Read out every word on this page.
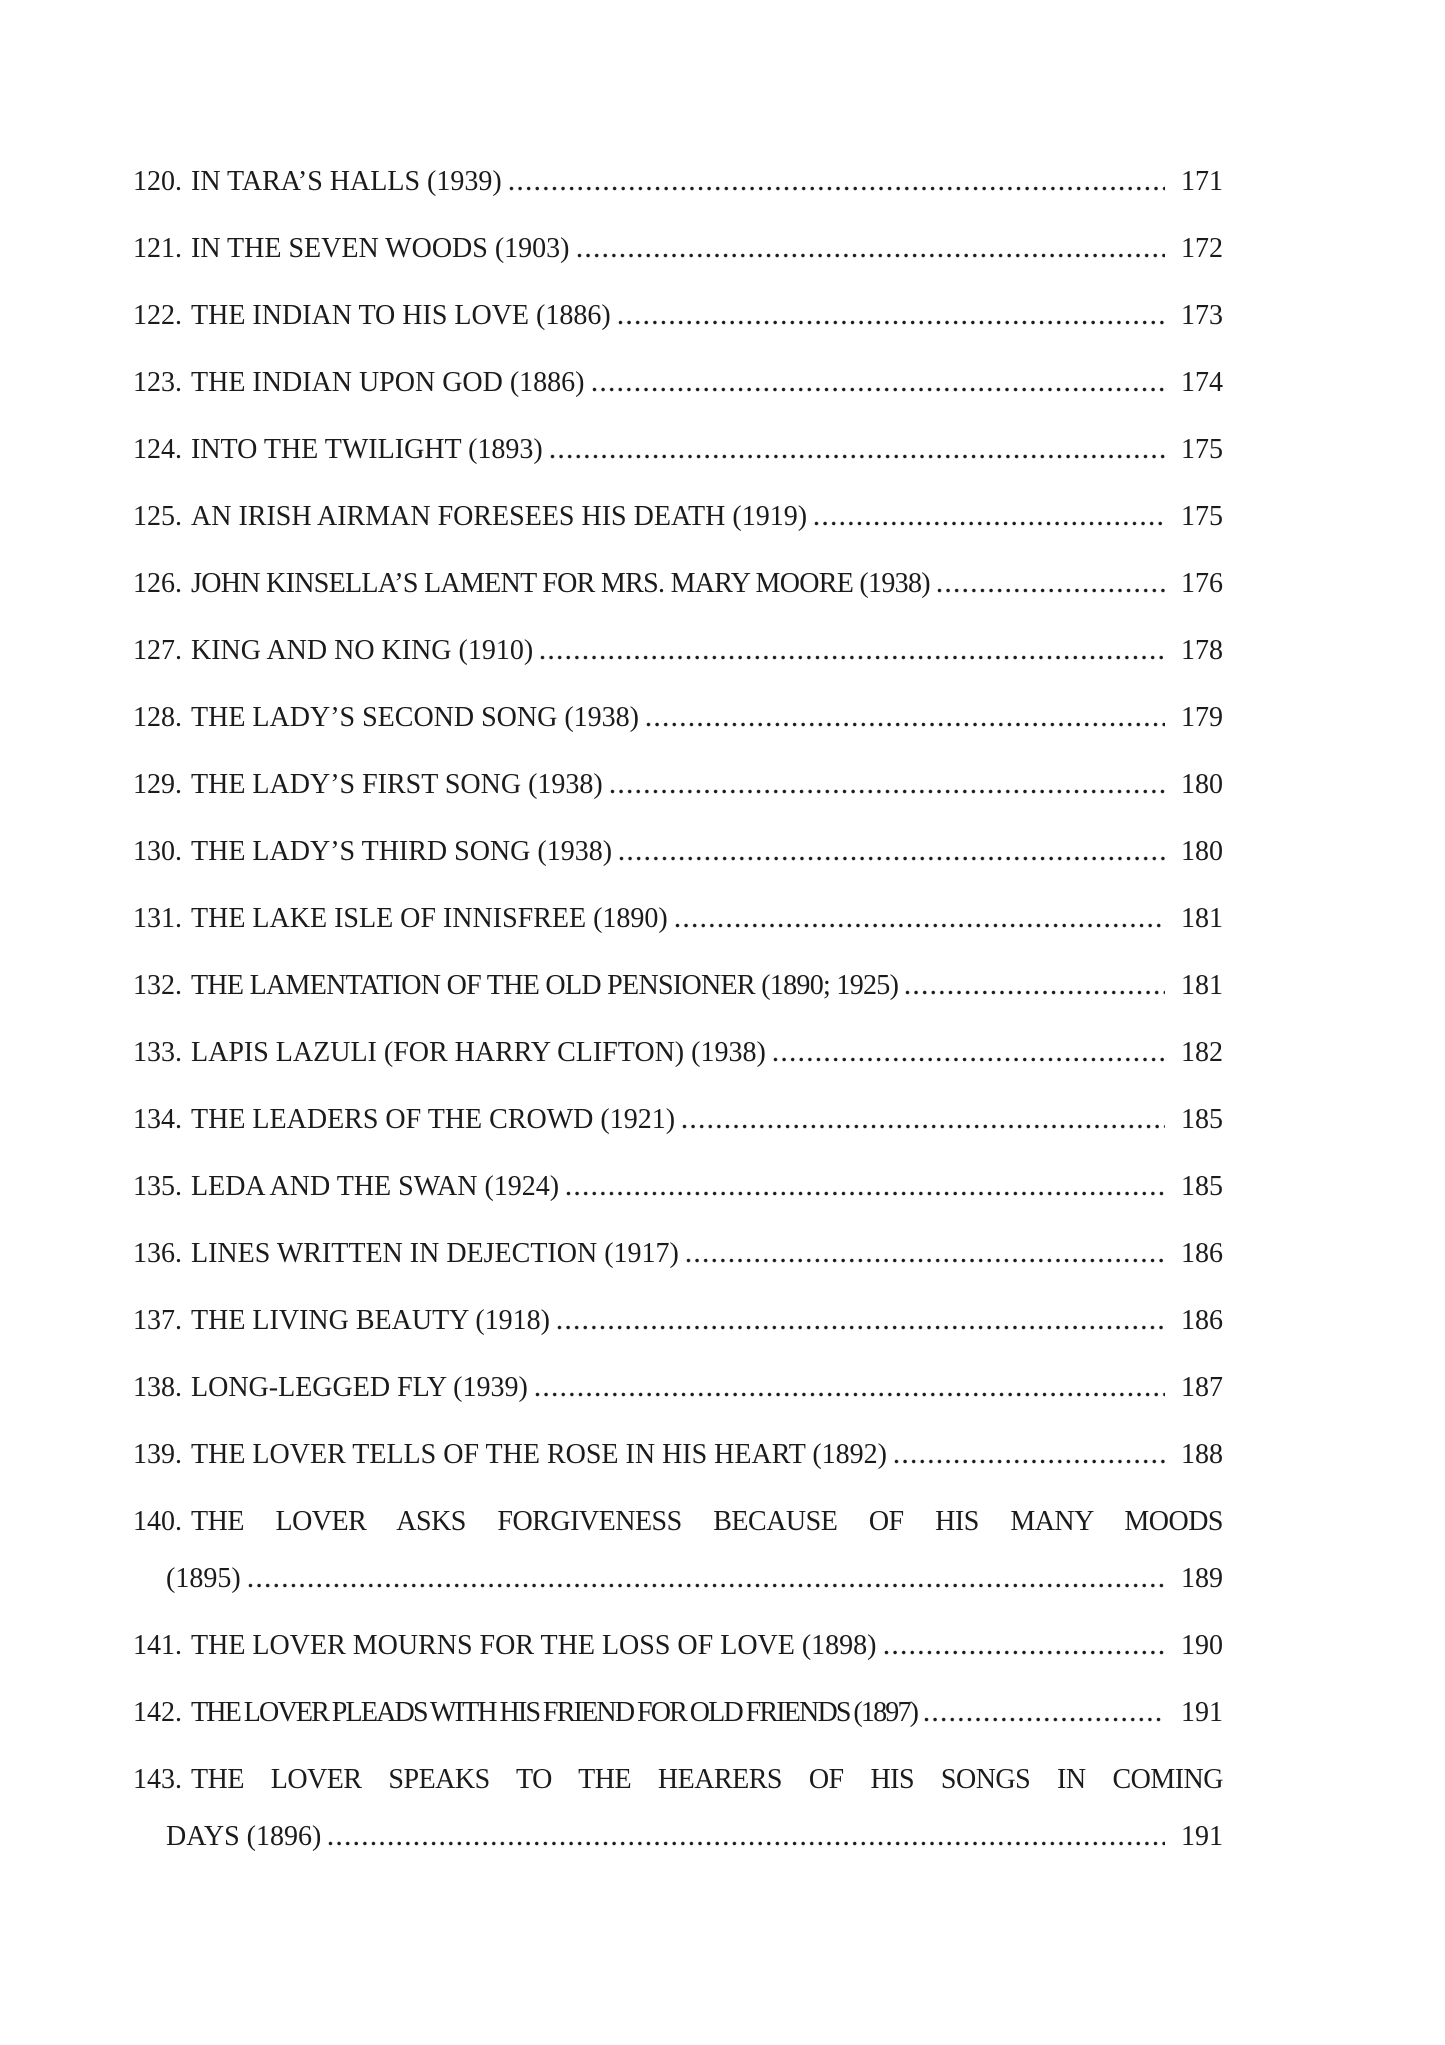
120. IN TARA’S HALLS (1939)	171
121. IN THE SEVEN WOODS (1903)	172
122. THE INDIAN TO HIS LOVE (1886)	173
123. THE INDIAN UPON GOD (1886)	174
124. INTO THE TWILIGHT (1893)	175
125. AN IRISH AIRMAN FORESEES HIS DEATH (1919)	175
126. JOHN KINSELLA’S LAMENT FOR MRS. MARY MOORE (1938)	176
127. KING AND NO KING (1910)	178
128. THE LADY’S SECOND SONG (1938)	179
129. THE LADY’S FIRST SONG (1938)	180
130. THE LADY’S THIRD SONG (1938)	180
131. THE LAKE ISLE OF INNISFREE (1890)	181
132. THE LAMENTATION OF THE OLD PENSIONER (1890; 1925)	181
133. LAPIS LAZULI (FOR HARRY CLIFTON) (1938)	182
134. THE LEADERS OF THE CROWD (1921)	185
135. LEDA AND THE SWAN (1924)	185
136. LINES WRITTEN IN DEJECTION (1917)	186
137. THE LIVING BEAUTY (1918)	186
138. LONG-LEGGED FLY (1939)	187
139. THE LOVER TELLS OF THE ROSE IN HIS HEART (1892)	188
140. THE LOVER ASKS FORGIVENESS BECAUSE OF HIS MANY MOODS
(1895)	189
141. THE LOVER MOURNS FOR THE LOSS OF LOVE (1898)	190
142. THE LOVER PLEADS WITH HIS FRIEND FOR OLD FRIENDS (1897)	191
143. THE LOVER SPEAKS TO THE HEARERS OF HIS SONGS IN COMING
DAYS (1896)	191
